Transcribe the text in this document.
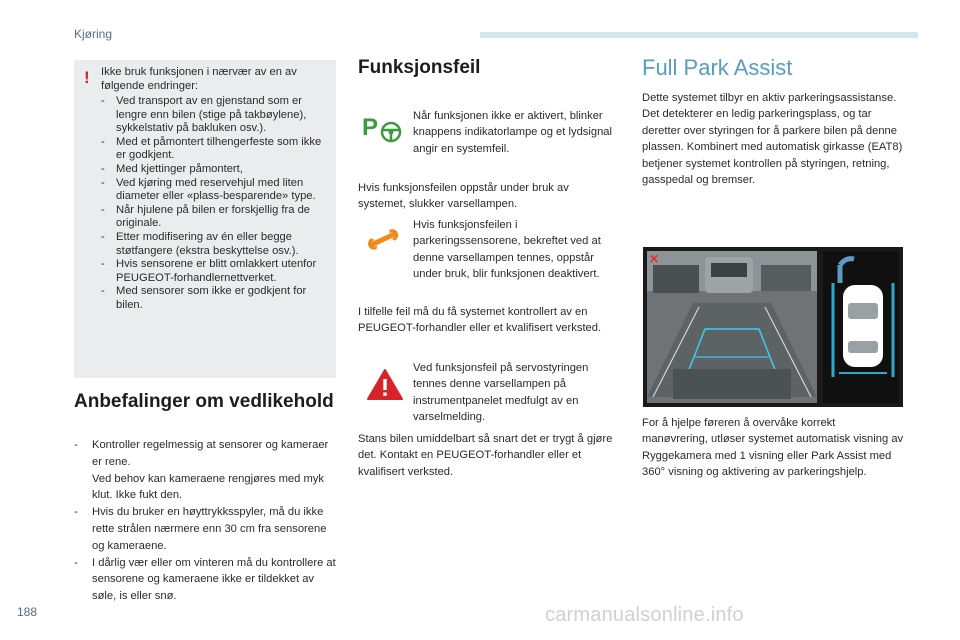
Kjøring
! Ikke bruk funksjonen i nærvær av en av følgende endringer:
- Ved transport av en gjenstand som er lengre enn bilen (stige på takbøylene), sykkelstativ på bakluken osv.).
- Med et påmontert tilhengerfeste som ikke er godkjent.
- Med kjettinger påmontert,
- Ved kjøring med reservehjul med liten diameter eller «plass-besparende» type.
- Når hjulene på bilen er forskjellig fra de originale.
- Etter modifisering av én eller begge støtfangere (ekstra beskyttelse osv.).
- Hvis sensorene er blitt omlakkert utenfor PEUGEOT-forhandlernettverket.
- Med sensorer som ikke er godkjent for bilen.
Anbefalinger om vedlikehold
- Kontroller regelmessig at sensorer og kameraer er rene.
Ved behov kan kameraene rengjøres med myk klut. Ikke fukt den.
- Hvis du bruker en høyttrykksspyler, må du ikke rette strålen nærmere enn 30 cm fra sensorene og kameraene.
- I dårlig vær eller om vinteren må du kontrollere at sensorene og kameraene ikke er tildekket av søle, is eller snø.
Funksjonsfeil
P	Når funksjonen ikke er aktivert, blinker knappens indikatorlampe og et lydsignal angir en systemfeil.
Hvis funksjonsfeilen oppstår under bruk av systemet, slukker varsellampen.
Hvis funksjonsfeilen i parkeringssensorene, bekreftet ved at denne varsellampen tennes, oppstår under bruk, blir funksjonen deaktivert.
I tilfelle feil må du få systemet kontrollert av en PEUGEOT-forhandler eller et kvalifisert verksted.
Ved funksjonsfeil på servostyringen tennes denne varsellampen på instrumentpanelet medfulgt av en varselmelding.
Stans bilen umiddelbart så snart det er trygt å gjøre det. Kontakt en PEUGEOT-forhandler eller et kvalifisert verksted.
Full Park Assist
Dette systemet tilbyr en aktiv parkeringsassistanse. Det detekterer en ledig parkeringsplass, og tar deretter over styringen for å parkere bilen på denne plassen. Kombinert med automatisk girkasse (EAT8) betjener systemet kontrollen på styringen, retning, gasspedal og bremser.
✕
For å hjelpe føreren å overvåke korrekt manøvrering, utløser systemet automatisk visning av Ryggekamera med 1 visning eller Park Assist med 360° visning og aktivering av parkeringshjelp.
188	carmanualsonline.info
